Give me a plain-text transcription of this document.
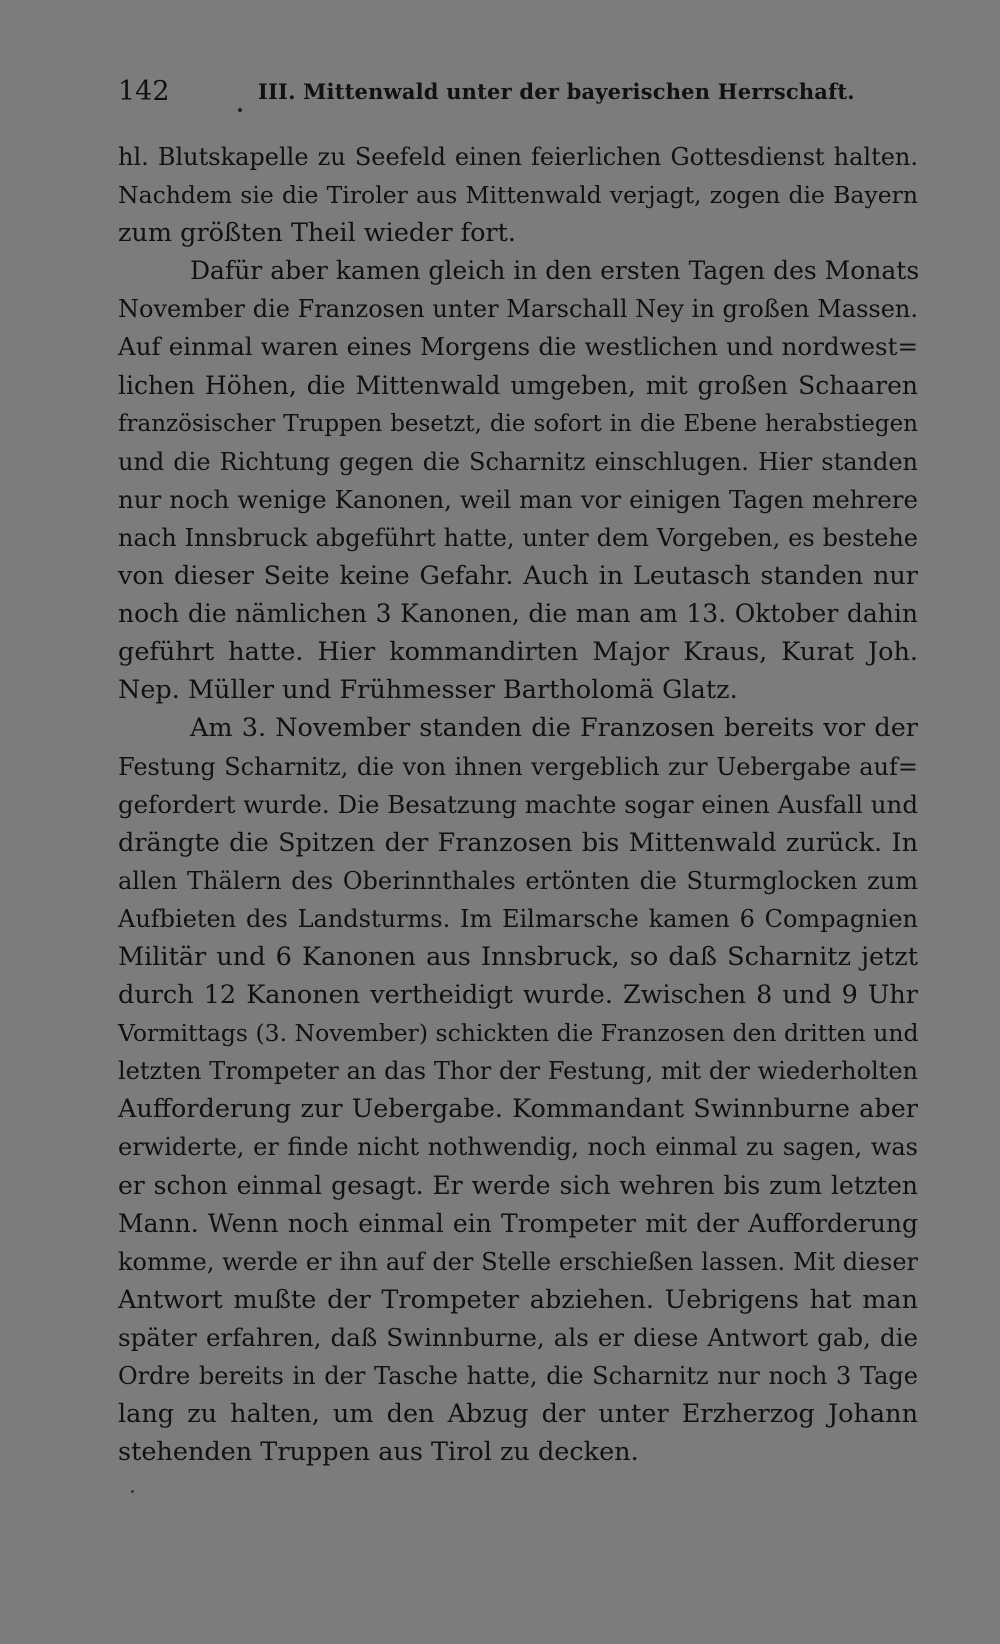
142	III. Mittenwald unter der bayerischen Herrschaft.
hl. Blutskapelle zu Seefeld einen feierlichen Gottesdienst halten.
Nachdem sie die Tiroler aus Mittenwald verjagt, zogen die Bayern
zum größten Theil wieder fort.
Dafür aber kamen gleich in den ersten Tagen des Monats
November die Franzosen unter Marschall Ney in großen Massen.
Auf einmal waren eines Morgens die westlichen und nordwest=
lichen Höhen, die Mittenwald umgeben, mit großen Schaaren
französischer Truppen besetzt, die sofort in die Ebene herabstiegen
und die Richtung gegen die Scharnitz einschlugen. Hier standen
nur noch wenige Kanonen, weil man vor einigen Tagen mehrere
nach Innsbruck abgeführt hatte, unter dem Vorgeben, es bestehe
von dieser Seite keine Gefahr. Auch in Leutasch standen nur
noch die nämlichen 3 Kanonen, die man am 13. Oktober dahin
geführt hatte. Hier kommandirten Major Kraus, Kurat Joh.
Nep. Müller und Frühmesser Bartholomä Glatz.
Am 3. November standen die Franzosen bereits vor der
Festung Scharnitz, die von ihnen vergeblich zur Uebergabe auf=
gefordert wurde. Die Besatzung machte sogar einen Ausfall und
drängte die Spitzen der Franzosen bis Mittenwald zurück. In
allen Thälern des Oberinnthales ertönten die Sturmglocken zum
Aufbieten des Landsturms. Im Eilmarsche kamen 6 Compagnien
Militär und 6 Kanonen aus Innsbruck, so daß Scharnitz jetzt
durch 12 Kanonen vertheidigt wurde. Zwischen 8 und 9 Uhr
Vormittags (3. November) schickten die Franzosen den dritten und
letzten Trompeter an das Thor der Festung, mit der wiederholten
Aufforderung zur Uebergabe. Kommandant Swinnburne aber
erwiderte, er finde nicht nothwendig, noch einmal zu sagen, was
er schon einmal gesagt. Er werde sich wehren bis zum letzten
Mann. Wenn noch einmal ein Trompeter mit der Aufforderung
komme, werde er ihn auf der Stelle erschießen lassen. Mit dieser
Antwort mußte der Trompeter abziehen. Uebrigens hat man
später erfahren, daß Swinnburne, als er diese Antwort gab, die
Ordre bereits in der Tasche hatte, die Scharnitz nur noch 3 Tage
lang zu halten, um den Abzug der unter Erzherzog Johann
stehenden Truppen aus Tirol zu decken.
